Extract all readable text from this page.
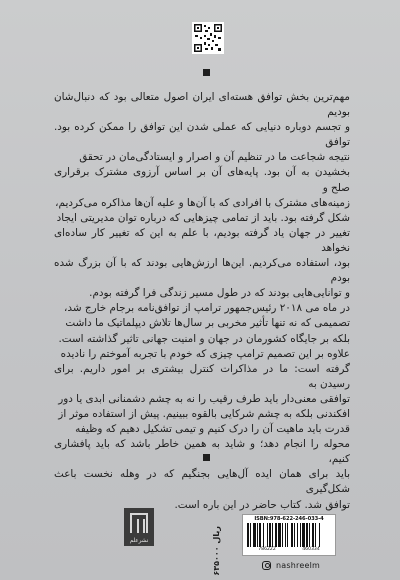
مهم‌ترین بخش توافق هسته‌ای ایران اصول متعالی بود که دنبال‌شان بودیم

و تجسم دوباره دنیایی که عملی شدن این توافق را ممکن کرده بود. توافق

نتیجه شجاعت ما در تنظیم آن و اصرار و ایستادگی‌مان در تحقق

بخشیدن به آن بود. پایه‌های آن بر اساس آرزوی مشترک برقراری صلح و

زمینه‌های مشترک با افرادی که با آن‌ها و علیه آن‌ها مذاکره می‌کردیم،

شکل گرفته بود. باید از تمامی چیزهایی که درباره توان مدیریتی ایجاد

تغییر در جهان یاد گرفته بودیم، با علم به این که تغییر کار ساده‌ای نخواهد

بود، استفاده می‌کردیم. این‌ها ارزش‌هایی بودند که با آن بزرگ شده بودم

و توانایی‌هایی بودند که در طول مسیر زندگی فرا گرفته بودم.

در ماه می ۲۰۱۸ رئیس‌جمهور ترامپ از توافق‌نامه برجام خارج شد،

تصمیمی که نه تنها تأثیر مخربی بر سال‌ها تلاش دیپلماتیک ما داشت

بلکه بر جایگاه کشورمان در جهان و امنیت جهانی تاثیر گذاشته است.

علاوه بر این تصمیم ترامپ چیزی که خودم با تجربه آموختم را نادیده

گرفته است: ما در مذاکرات کنترل بیشتری بر امور داریم. برای رسیدن به

توافقی معنی‌دار باید طرف رقیب را نه به چشم دشمنانی ابدی یا دور

افکندنی بلکه به چشم شرکایی بالقوه ببینیم. پیش از استفاده موثر از

قدرت باید ماهیت آن را درک کنیم و تیمی تشکیل دهیم که وظیفه

محوله را انجام دهد؛ و شاید به همین خاطر باشد که باید پافشاری کنیم،

باید برای همان ایده آل‌هایی بجنگیم که در وهله نخست باعث شکل‌گیری

توافق شد. کتاب حاضر در این باره است.

نشرعلم
۶۳۵۰۰۰ ریال
ISBN:978-622-246-033-4
786222	460334
nashreelm
